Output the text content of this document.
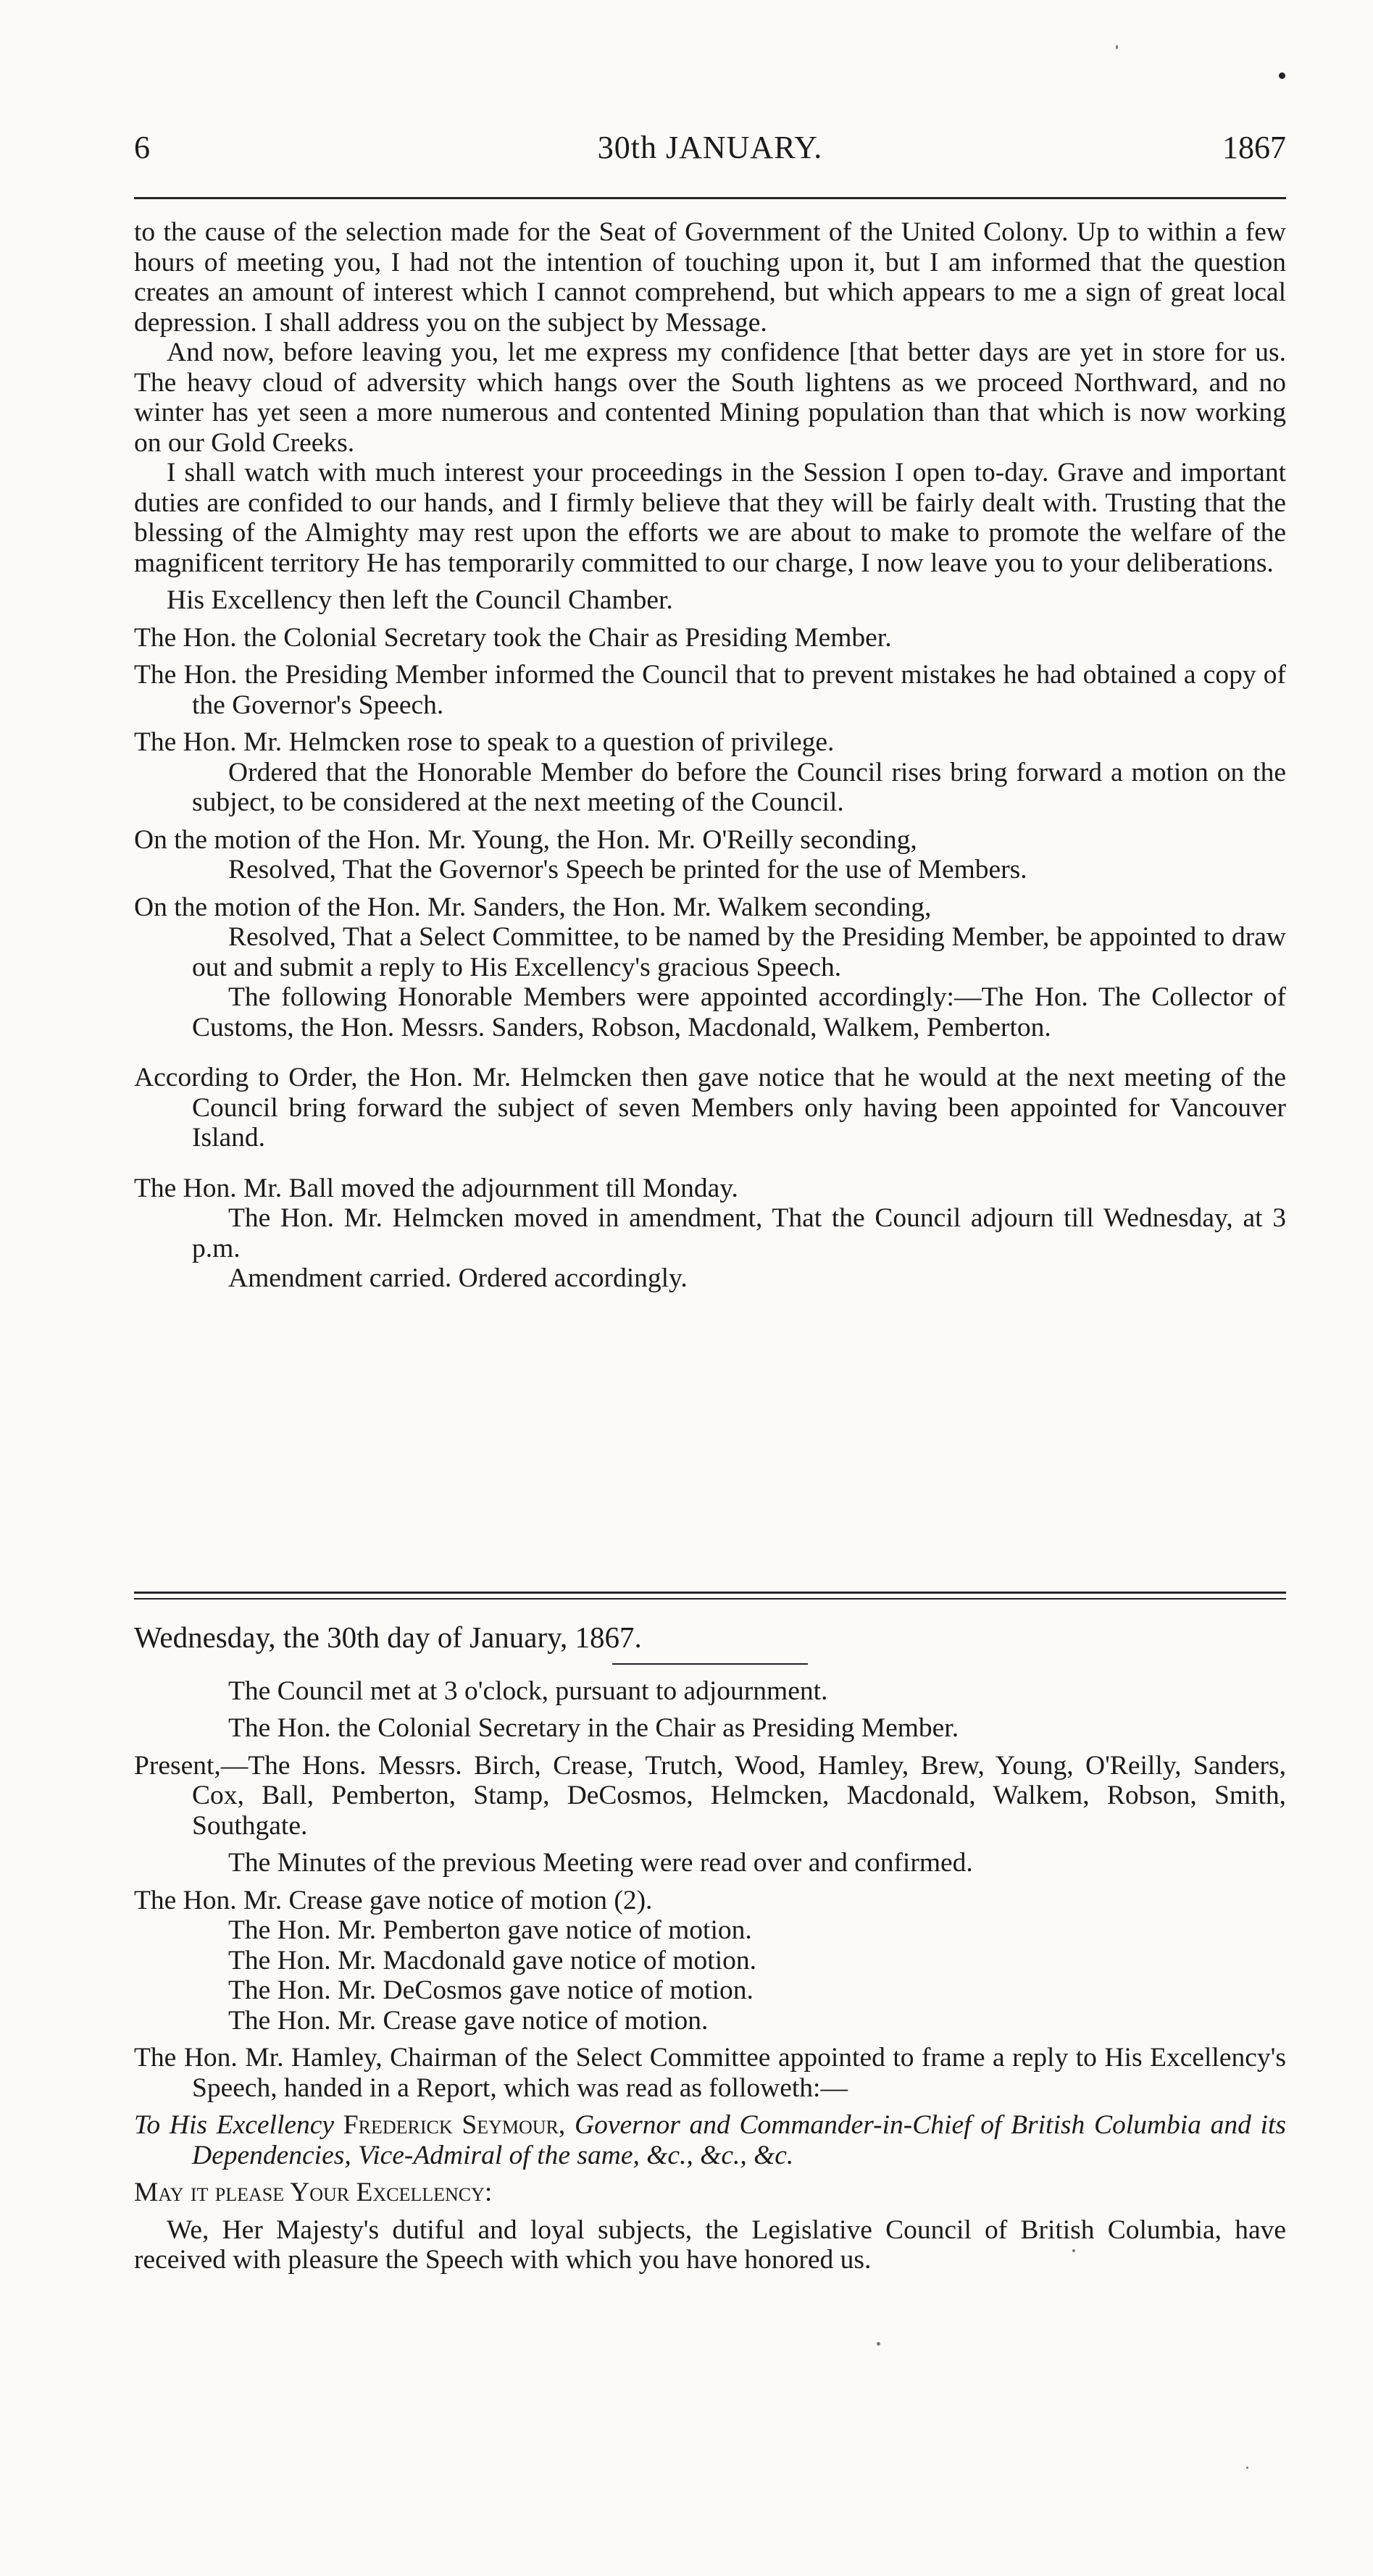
6	30th JANUARY.	1867

to the cause of the selection made for the Seat of Government of the United Colony. Up to within a few hours of meeting you, I had not the intention of touching upon it, but I am informed that the question creates an amount of interest which I cannot comprehend, but which appears to me a sign of great local depression. I shall address you on the subject by Message.

And now, before leaving you, let me express my confidence [that better days are yet in store for us. The heavy cloud of adversity which hangs over the South lightens as we proceed Northward, and no winter has yet seen a more numerous and contented Mining population than that which is now working on our Gold Creeks.

I shall watch with much interest your proceedings in the Session I open to-day. Grave and important duties are confided to our hands, and I firmly believe that they will be fairly dealt with. Trusting that the blessing of the Almighty may rest upon the efforts we are about to make to promote the welfare of the magnificent territory He has temporarily committed to our charge, I now leave you to your deliberations.

His Excellency then left the Council Chamber.

The Hon. the Colonial Secretary took the Chair as Presiding Member.

The Hon. the Presiding Member informed the Council that to prevent mistakes he had obtained a copy of the Governor's Speech.

The Hon. Mr. Helmcken rose to speak to a question of privilege.

Ordered that the Honorable Member do before the Council rises bring forward a motion on the subject, to be considered at the next meeting of the Council.

On the motion of the Hon. Mr. Young, the Hon. Mr. O'Reilly seconding,

Resolved, That the Governor's Speech be printed for the use of Members.

On the motion of the Hon. Mr. Sanders, the Hon. Mr. Walkem seconding,

Resolved, That a Select Committee, to be named by the Presiding Member, be appointed to draw out and submit a reply to His Excellency's gracious Speech.

The following Honorable Members were appointed accordingly:—The Hon. The Collector of Customs, the Hon. Messrs. Sanders, Robson, Macdonald, Walkem, Pemberton.

According to Order, the Hon. Mr. Helmcken then gave notice that he would at the next meeting of the Council bring forward the subject of seven Members only having been appointed for Vancouver Island.

The Hon. Mr. Ball moved the adjournment till Monday.

The Hon. Mr. Helmcken moved in amendment, That the Council adjourn till Wednesday, at 3 p.m.

Amendment carried. Ordered accordingly.

Wednesday, the 30th day of January, 1867.

The Council met at 3 o'clock, pursuant to adjournment.

The Hon. the Colonial Secretary in the Chair as Presiding Member.

Present,—The Hons. Messrs. Birch, Crease, Trutch, Wood, Hamley, Brew, Young, O'Reilly, Sanders, Cox, Ball, Pemberton, Stamp, DeCosmos, Helmcken, Macdonald, Walkem, Robson, Smith, Southgate.

The Minutes of the previous Meeting were read over and confirmed.

The Hon. Mr. Crease gave notice of motion (2).

The Hon. Mr. Pemberton gave notice of motion.

The Hon. Mr. Macdonald gave notice of motion.

The Hon. Mr. DeCosmos gave notice of motion.

The Hon. Mr. Crease gave notice of motion.

The Hon. Mr. Hamley, Chairman of the Select Committee appointed to frame a reply to His Excellency's Speech, handed in a Report, which was read as followeth:—

To His Excellency Frederick Seymour, Governor and Commander-in-Chief of British Columbia and its Dependencies, Vice-Admiral of the same, &c., &c., &c.

May it please Your Excellency:

We, Her Majesty's dutiful and loyal subjects, the Legislative Council of British Columbia, have received with pleasure the Speech with which you have honored us.
